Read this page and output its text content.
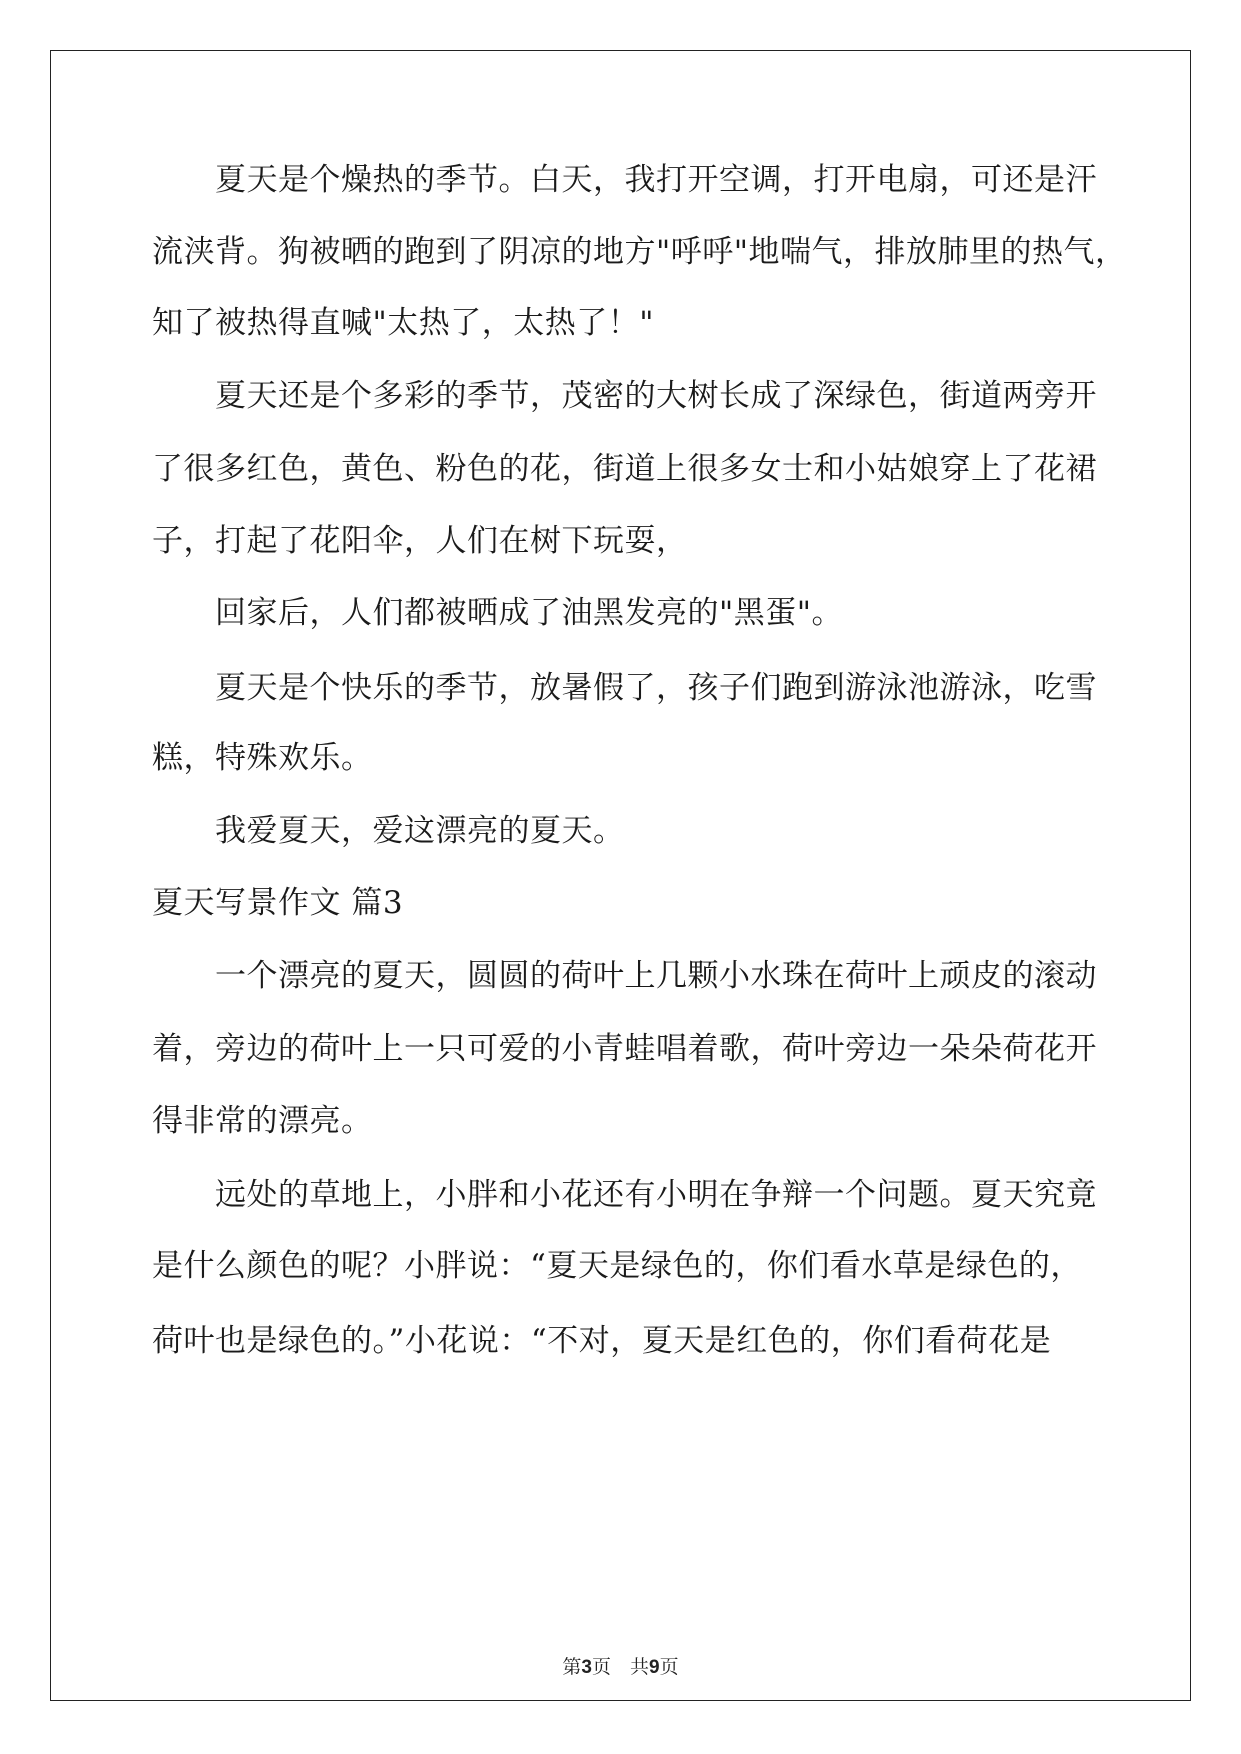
　　夏天是个燥热的季节。白天，我打开空调，打开电扇，可还是汗
流浃背。狗被晒的跑到了阴凉的地方"呼呼"地喘气，排放肺里的热气，
知了被热得直喊"太热了，太热了！"
　　夏天还是个多彩的季节，茂密的大树长成了深绿色，街道两旁开
了很多红色，黄色、粉色的花，街道上很多女士和小姑娘穿上了花裙
子，打起了花阳伞，人们在树下玩耍，
　　回家后，人们都被晒成了油黑发亮的"黑蛋"。
　　夏天是个快乐的季节，放暑假了，孩子们跑到游泳池游泳，吃雪
糕，特殊欢乐。
　　我爱夏天，爱这漂亮的夏天。
夏天写景作文 篇3
　　一个漂亮的夏天，圆圆的荷叶上几颗小水珠在荷叶上顽皮的滚动
着，旁边的荷叶上一只可爱的小青蛙唱着歌，荷叶旁边一朵朵荷花开
得非常的漂亮。
　　远处的草地上，小胖和小花还有小明在争辩一个问题。夏天究竟
是什么颜色的呢？小胖说：“夏天是绿色的，你们看水草是绿色的，
荷叶也是绿色的。”小花说：“不对，夏天是红色的，你们看荷花是
第3页　共9页
